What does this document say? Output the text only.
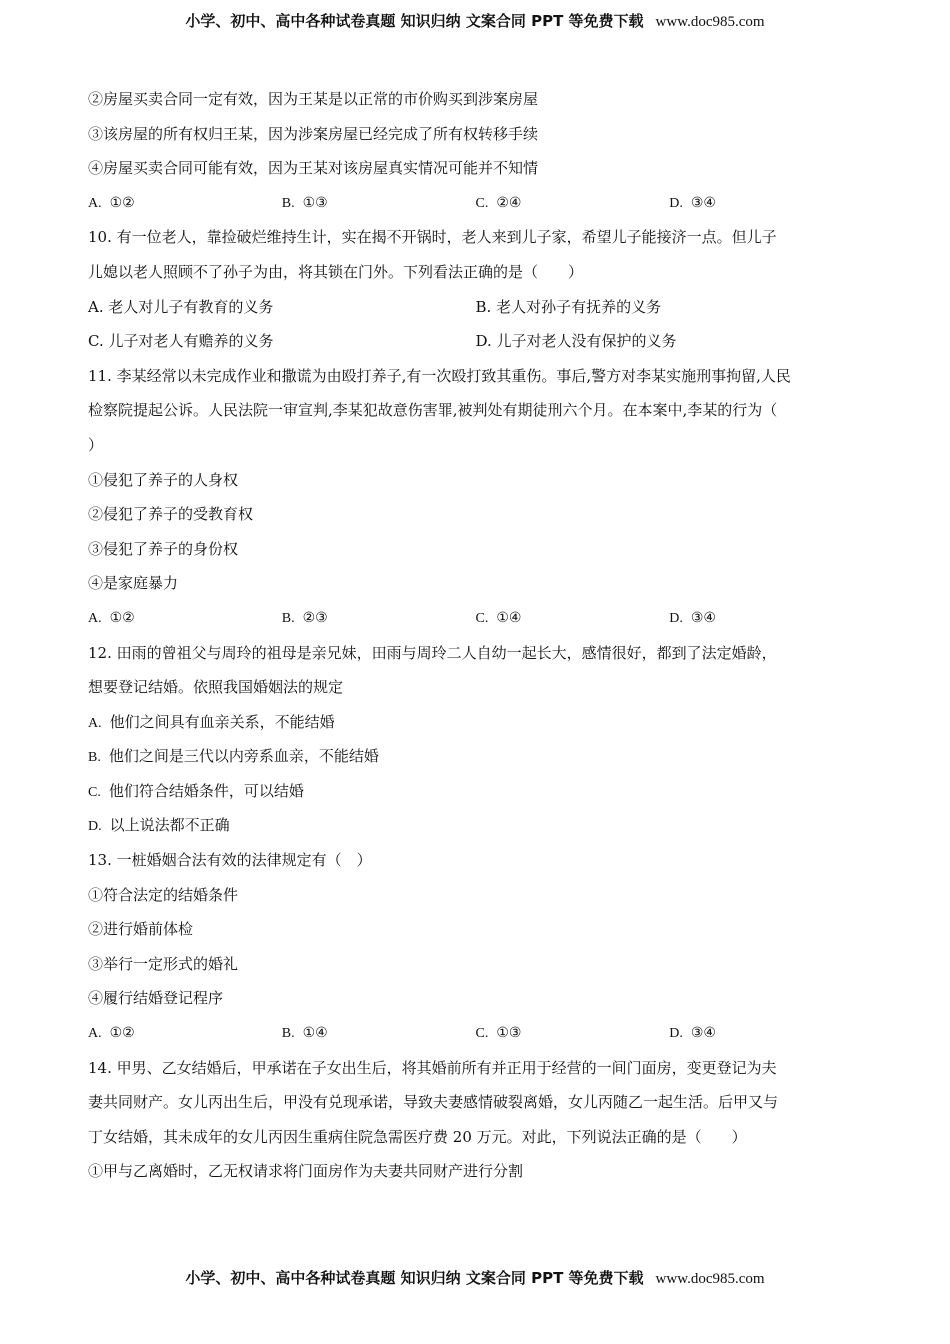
小学、初中、高中各种试卷真题 知识归纳 文案合同 PPT 等免费下载 www.doc985.com
②房屋买卖合同一定有效，因为王某是以正常的市价购买到涉案房屋
③该房屋的所有权归王某，因为涉案房屋已经完成了所有权转移手续
④房屋买卖合同可能有效，因为王某对该房屋真实情况可能并不知情
A. ①②	B. ①③	C. ②④	D. ③④
10. 有一位老人，靠捡破烂维持生计，实在揭不开锅时，老人来到儿子家，希望儿子能接济一点。但儿子
儿媳以老人照顾不了孙子为由，将其锁在门外。下列看法正确的是（　　）
A. 老人对儿子有教育的义务	B. 老人对孙子有抚养的义务
C. 儿子对老人有赡养的义务	D. 儿子对老人没有保护的义务
11. 李某经常以未完成作业和撒谎为由殴打养子,有一次殴打致其重伤。事后,警方对李某实施刑事拘留,人民
检察院提起公诉。人民法院一审宣判,李某犯故意伤害罪,被判处有期徒刑六个月。在本案中,李某的行为（
）
①侵犯了养子的人身权
②侵犯了养子的受教育权
③侵犯了养子的身份权
④是家庭暴力
A. ①②	B. ②③	C. ①④	D. ③④
12. 田雨的曾祖父与周玲的祖母是亲兄妹，田雨与周玲二人自幼一起长大，感情很好，都到了法定婚龄，
想要登记结婚。依照我国婚姻法的规定
A. 他们之间具有血亲关系，不能结婚
B. 他们之间是三代以内旁系血亲，不能结婚
C. 他们符合结婚条件，可以结婚
D. 以上说法都不正确
13. 一桩婚姻合法有效的法律规定有（　）
①符合法定的结婚条件
②进行婚前体检
③举行一定形式的婚礼
④履行结婚登记程序
A. ①②	B. ①④	C. ①③	D. ③④
14. 甲男、乙女结婚后，甲承诺在子女出生后，将其婚前所有并正用于经营的一间门面房，变更登记为夫
妻共同财产。女儿丙出生后，甲没有兑现承诺，导致夫妻感情破裂离婚，女儿丙随乙一起生活。后甲又与
丁女结婚，其未成年的女儿丙因生重病住院急需医疗费 20 万元。对此，下列说法正确的是（　　）
①甲与乙离婚时，乙无权请求将门面房作为夫妻共同财产进行分割
小学、初中、高中各种试卷真题 知识归纳 文案合同 PPT 等免费下载 www.doc985.com
